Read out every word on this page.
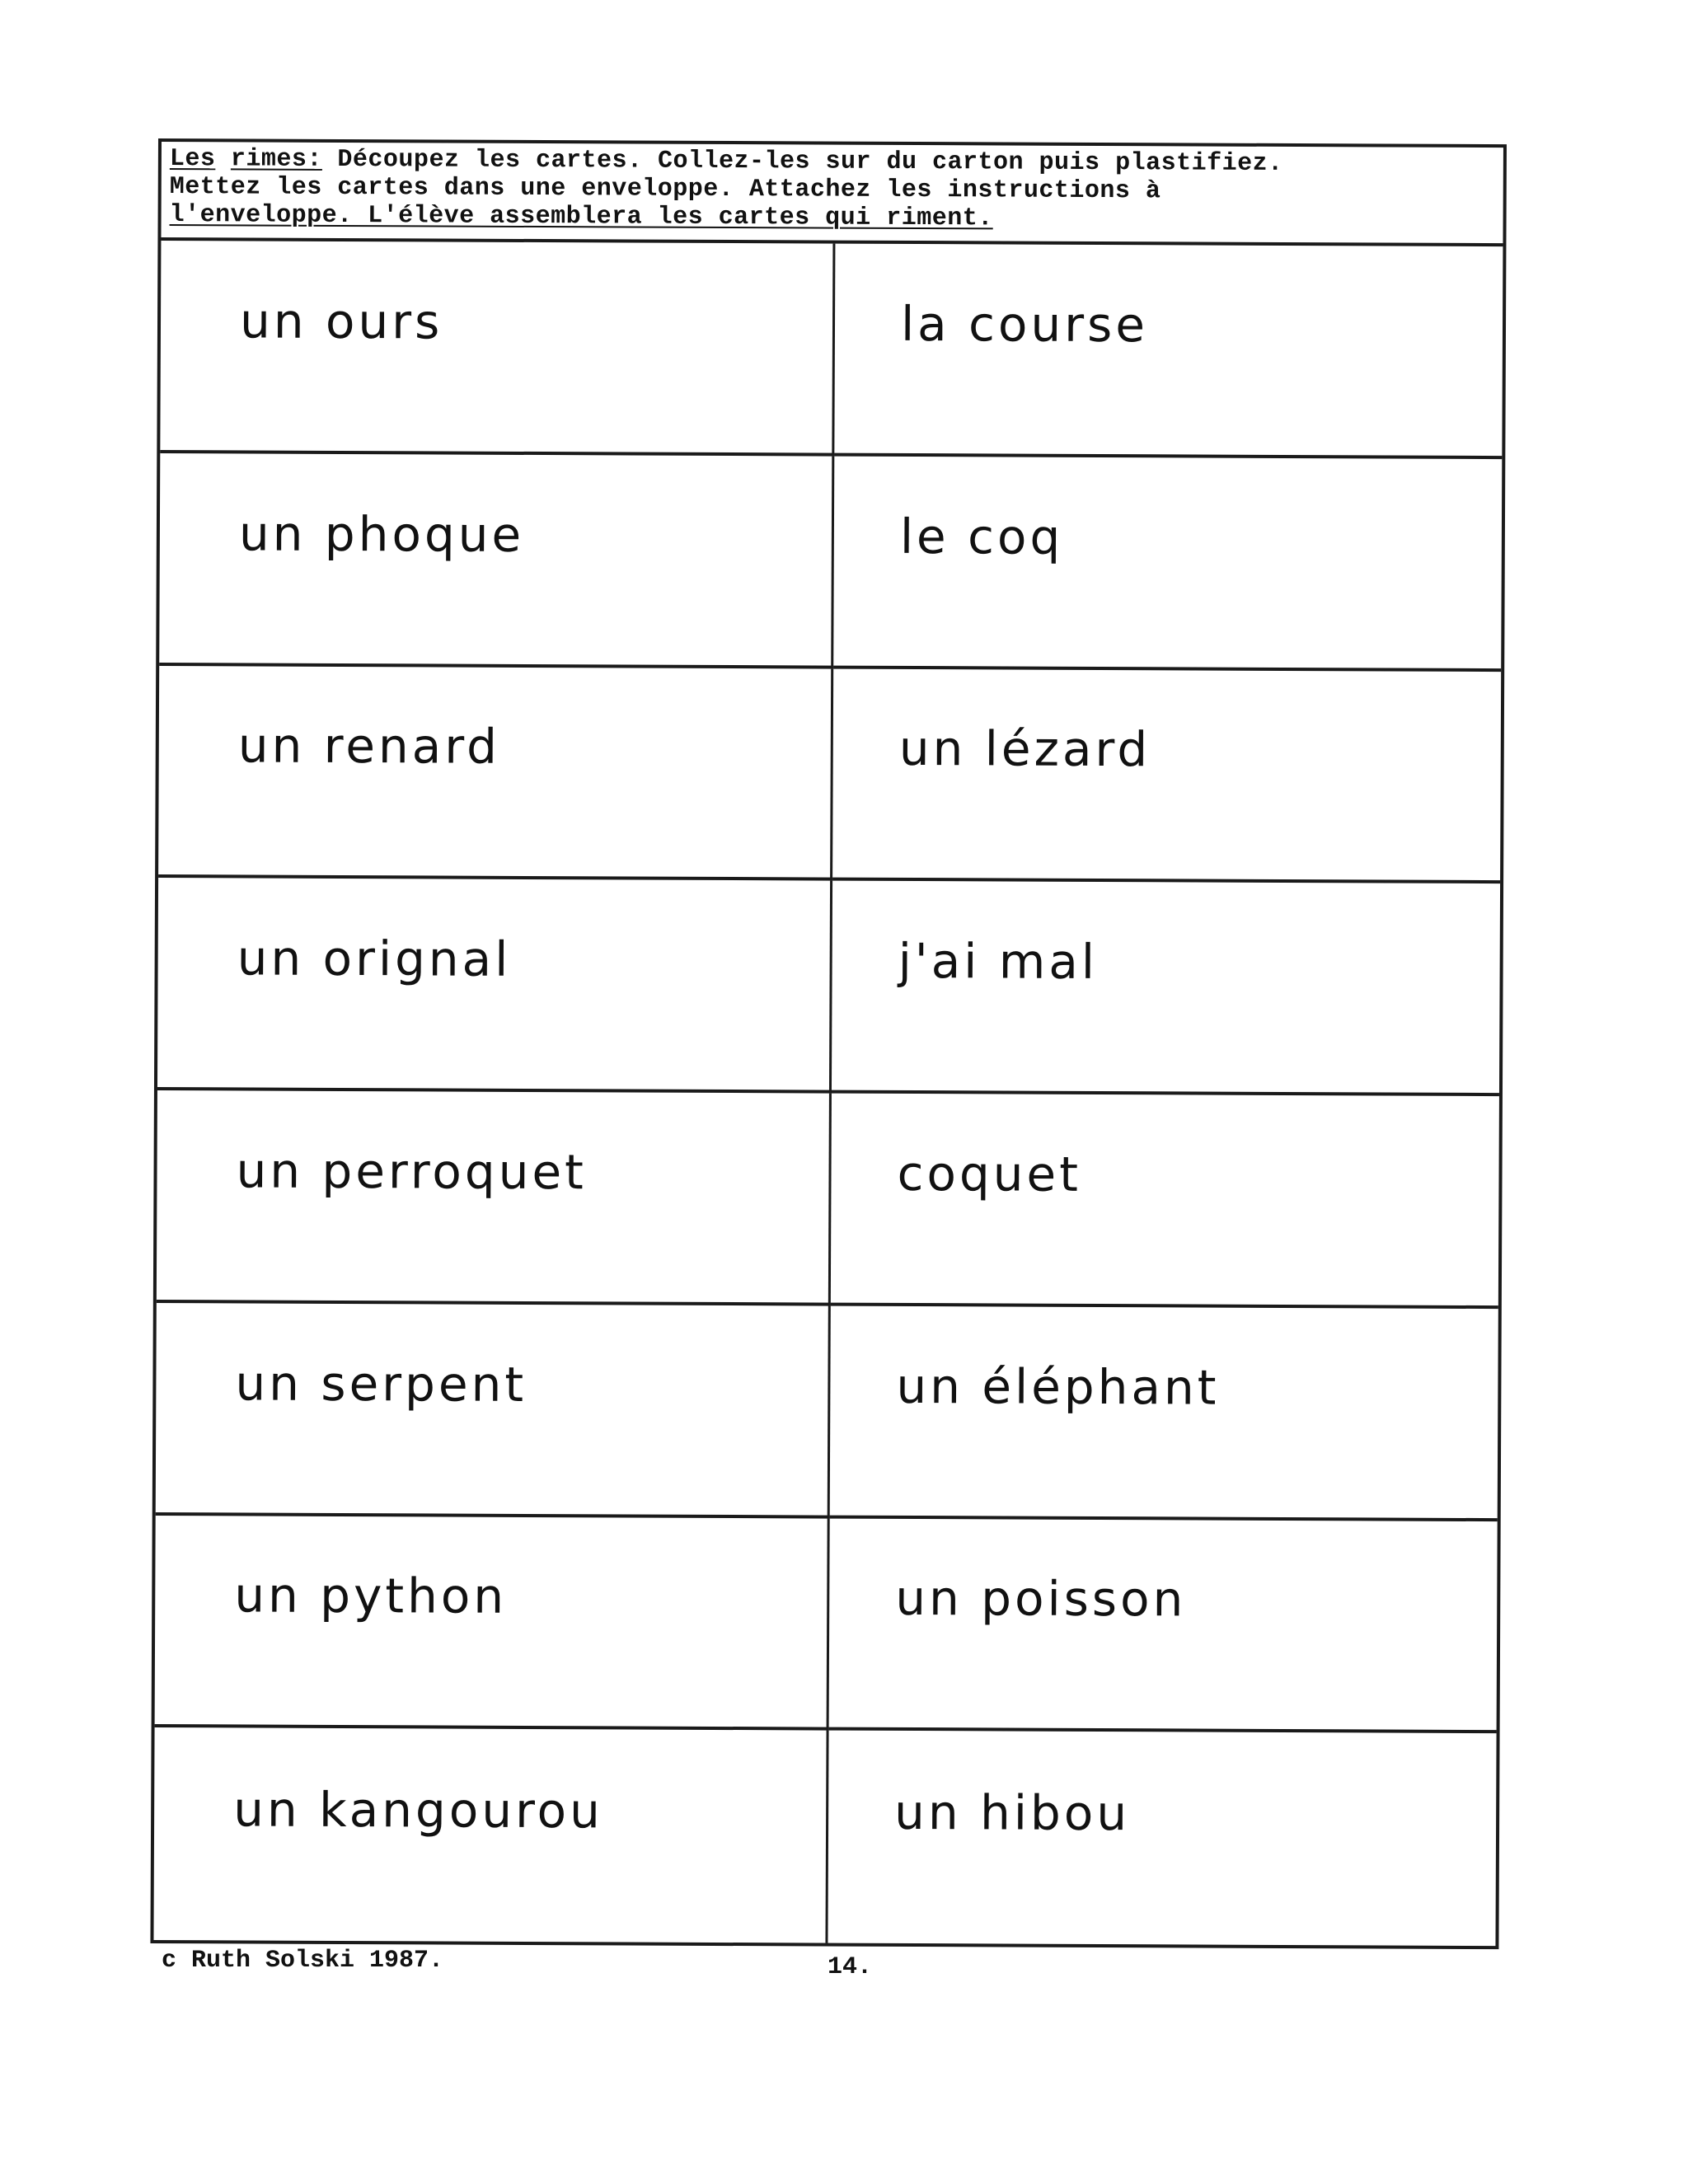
Les rimes: Découpez les cartes. Collez-les sur du carton puis plastifiez.
Mettez les cartes dans une enveloppe. Attachez les instructions à
l'enveloppe. L'élève assemblera les cartes qui riment.
un ours	la course
un phoque	le coq
un renard	un lézard
un orignal	j'ai mal
un perroquet	coquet
un serpent	un éléphant
un python	un poisson
un kangourou	un hibou
c Ruth Solski 1987.	14.
